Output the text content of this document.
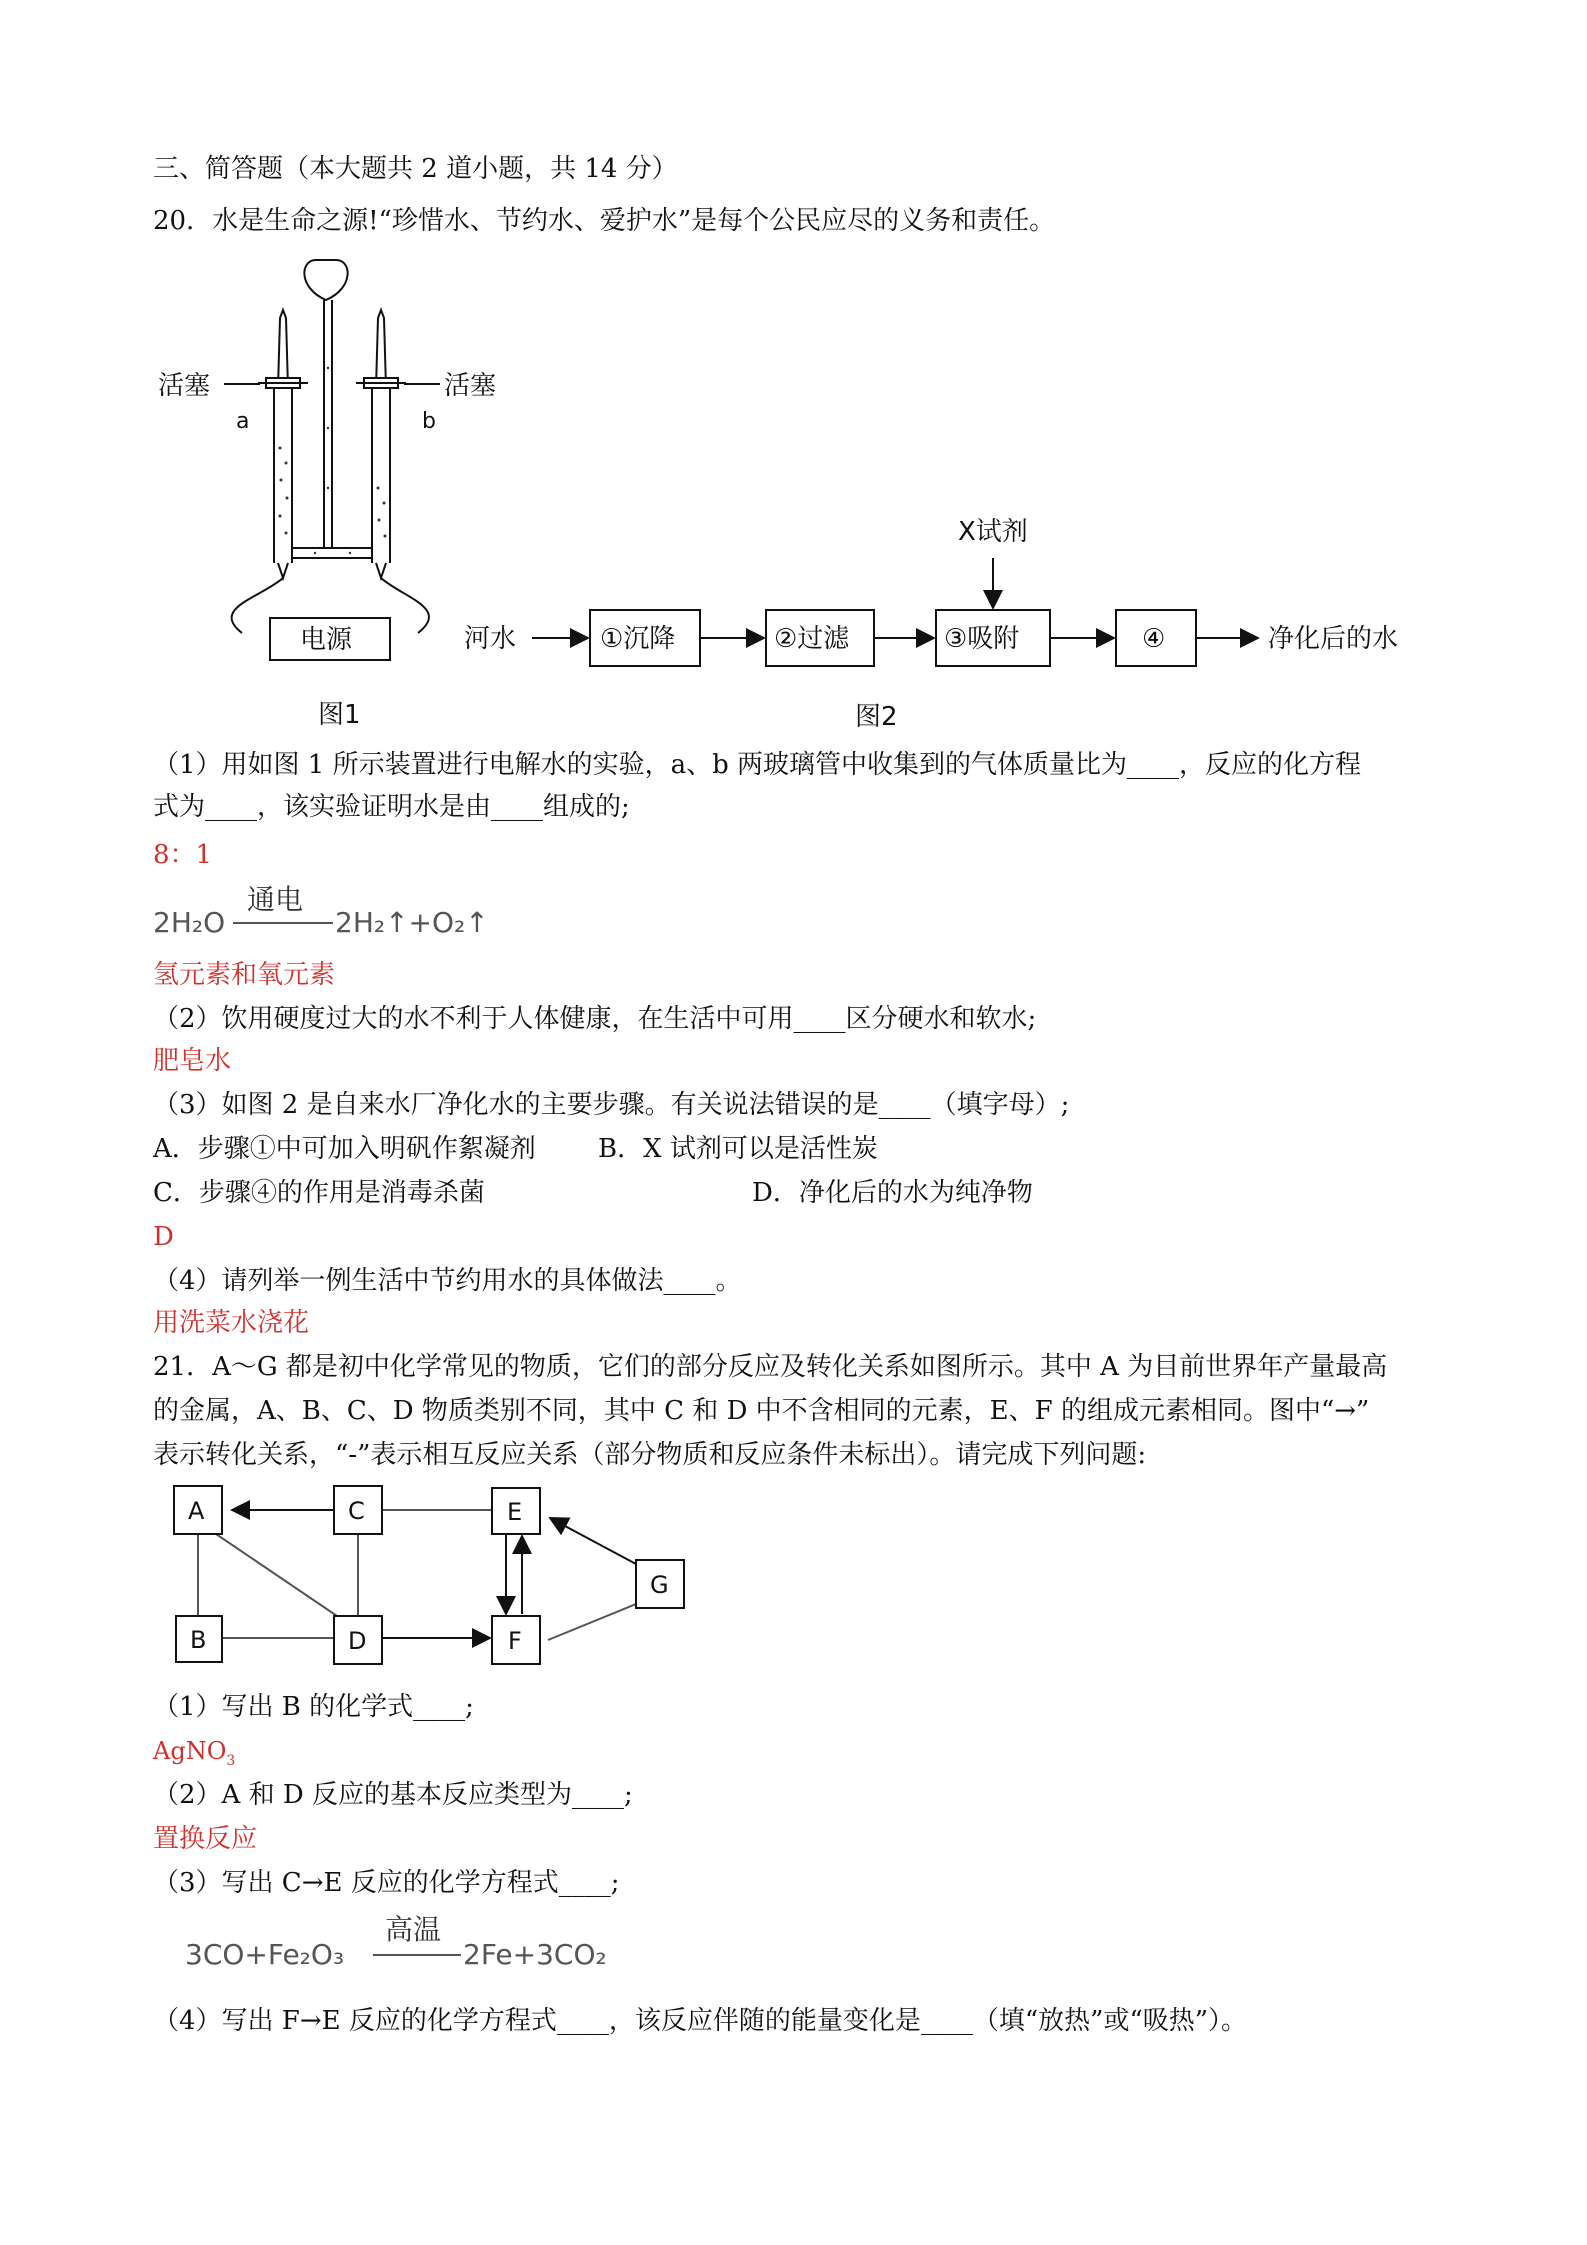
三、简答题（本大题共 2 道小题，共 14 分）
20．水是生命之源!“珍惜水、节约水、爱护水”是每个公民应尽的义务和责任。
活塞	活塞
a	b
电源
图1
X试剂
河水	①沉降	②过滤	③吸附	④	净化后的水
图2
（1）用如图 1 所示装置进行电解水的实验，a、b 两玻璃管中收集到的气体质量比为____，反应的化方程
式为____，该实验证明水是由____组成的;
8：1
2H₂O
通电
2H₂↑+O₂↑
氢元素和氧元素
（2）饮用硬度过大的水不利于人体健康，在生活中可用____区分硬水和软水;
肥皂水
（3）如图 2 是自来水厂净化水的主要步骤。有关说法错误的是____（填字母）;
A．步骤①中可加入明矾作絮凝剂 B．X 试剂可以是活性炭
C．步骤④的作用是消毒杀菌	D．净化后的水为纯净物
D
（4）请列举一例生活中节约用水的具体做法____。
用洗菜水浇花
21．A～G 都是初中化学常见的物质，它们的部分反应及转化关系如图所示。其中 A 为目前世界年产量最高
的金属，A、B、C、D 物质类别不同，其中 C 和 D 中不含相同的元素，E、F 的组成元素相同。图中“→”
表示转化关系，“-”表示相互反应关系（部分物质和反应条件未标出）。请完成下列问题:
A	C	E
G
B	D	F
（1）写出 B 的化学式____;
AgNO$_3$
（2）A 和 D 反应的基本反应类型为____;
置换反应
（3）写出 C→E 反应的化学方程式____;
3CO+Fe₂O₃
高温
2Fe+3CO₂
（4）写出 F→E 反应的化学方程式____，该反应伴随的能量变化是____（填“放热”或“吸热”）。
